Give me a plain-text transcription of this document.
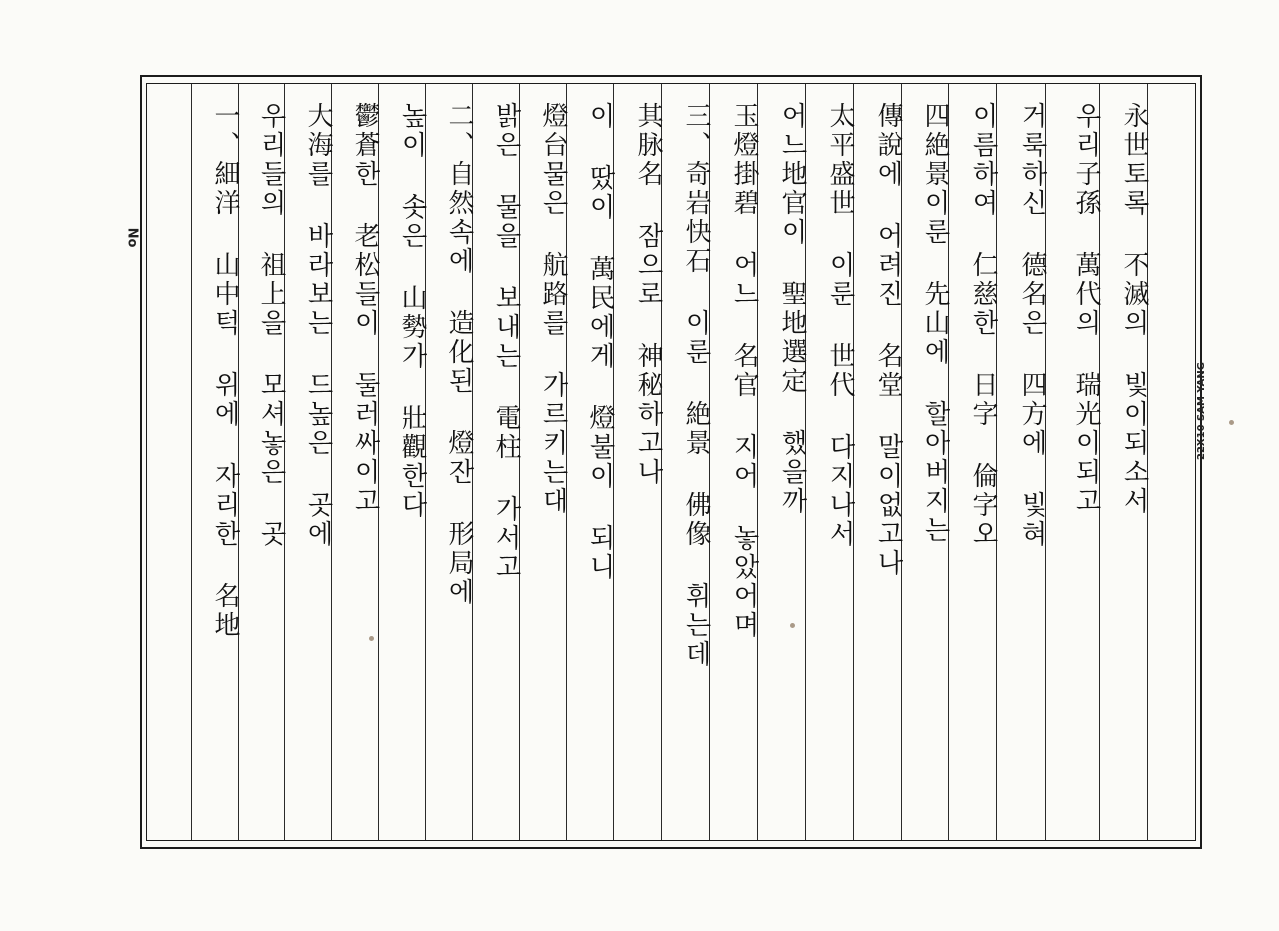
永世토록 不滅의 빛이되소서
우리子孫 萬代의 瑞光이되고
거룩하신 德名은 四方에 빛혀
이름하여 仁慈한 日字 倫字오
四絶景이룬 先山에 할아버지는
傳說에 어려진 名堂 말이없고나
太平盛世 이룬 世代 다지나서
어느地官이 聖地選定 했을까
玉燈掛碧 어느 名官 지어 놓았어며
三、奇岩快石 이룬 絶景 佛像 휘는데
其脉名 잠으로 神秘하고나
이 땄이 萬民에게 燈불이 되니
燈台물은 航路를 가르키는대
밝은 물을 보내는 電柱 가서고
二、自然속에 造化된 燈잔 形局에
높이 솟은 山勢가 壯觀한다
鬱蒼한 老松들이 둘러싸이고
大海를 바라보는 드높은 곳에
우리들의 祖上을 모셔놓은 곳
一、細洋 山中턱 위에 자리한 名地
No
22X10 SAM YANG
